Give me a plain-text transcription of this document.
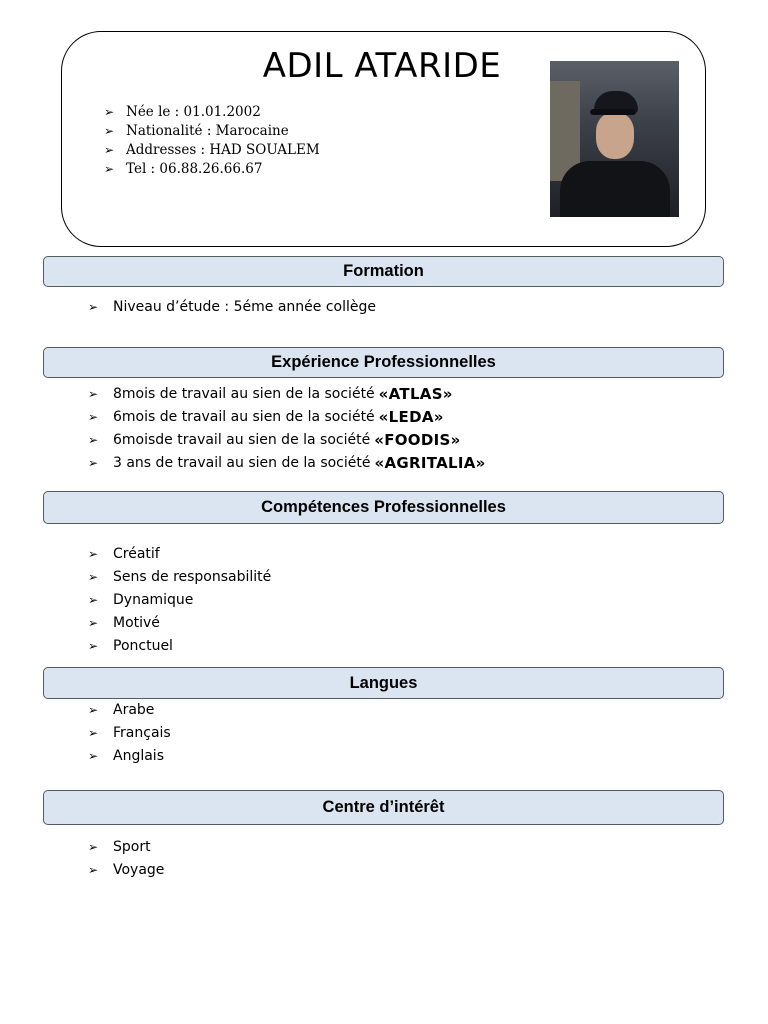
ADIL ATARIDE
➢ Née le : 01.01.2002
➢ Nationalité : Marocaine
➢ Addresses : HAD SOUALEM
➢ Tel : 06.88.26.66.67
Formation
➢	Niveau d’étude : 5éme année collège
Expérience Professionnelles
➢	8mois de travail au sien de la société «ATLAS»
➢	6mois de travail au sien de la société «LEDA»
➢	6moisde travail au sien de la société «FOODIS»
➢	3 ans de travail au sien de la société «AGRITALIA»
Compétences Professionnelles
➢	Créatif
➢	Sens de responsabilité
➢	Dynamique
➢	Motivé
➢	Ponctuel
Langues
➢	Arabe
➢	Français
➢	Anglais
Centre d’intérêt
➢	Sport
➢	Voyage
